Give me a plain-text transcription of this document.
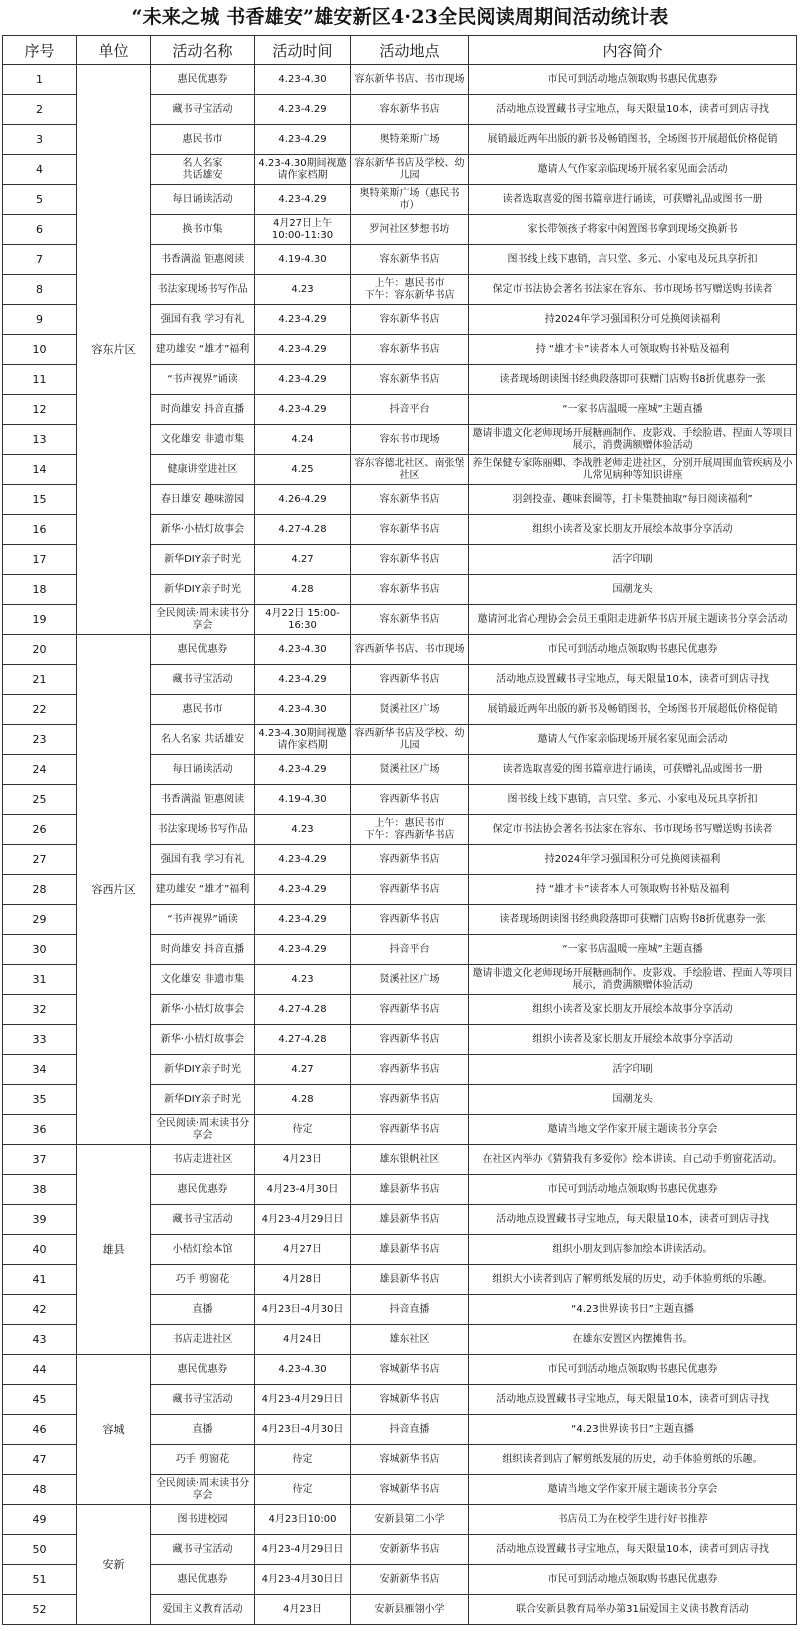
“未来之城 书香雄安”雄安新区4·23全民阅读周期间活动统计表
序号	单位	活动名称	活动时间	活动地点	内容简介
1	容东片区	惠民优惠券	4.23-4.30	容东新华书店、书市现场	市民可到活动地点领取购书惠民优惠券
2		藏书寻宝活动	4.23-4.29	容东新华书店	活动地点设置藏书寻宝地点，每天限量10本，读者可到店寻找
3		惠民书市	4.23-4.29	奥特莱斯广场	展销最近两年出版的新书及畅销图书，全场图书开展超低价格促销
4		名人名家
共话雄安	4.23-4.30期间视邀请作家档期	容东新华书店及学校、幼儿园	邀请人气作家亲临现场开展名家见面会活动
5		每日诵读活动	4.23-4.29	奥特莱斯广场（惠民书市）	读者选取喜爱的图书篇章进行诵读，可获赠礼品或图书一册
6		换书市集	4月27日上午10:00-11:30	罗河社区梦想书坊	家长带领孩子将家中闲置图书拿到现场交换新书
7		书香满溢 钜惠阅读	4.19-4.30	容东新华书店	图书线上线下惠销，言只堂、多元、小家电及玩具享折扣
8		书法家现场书写作品	4.23	上午：惠民书市
下午：容东新华书店	保定市书法协会著名书法家在容东、书市现场书写赠送购书读者
9		强国有我 学习有礼	4.23-4.29	容东新华书店	持2024年学习强国积分可兑换阅读福利
10		建功雄安 “雄才”福利	4.23-4.29	容东新华书店	持 “雄才卡”读者本人可领取购书补贴及福利
11		“书声视界”诵读	4.23-4.29	容东新华书店	读者现场朗读图书经典段落即可获赠门店购书8折优惠券一张
12		时尚雄安 抖音直播	4.23-4.29	抖音平台	“一家书店温暖一座城”主题直播
13		文化雄安 非遗市集	4.24	容东书市现场	邀请非遗文化老师现场开展糖画制作、皮影戏、手绘脸谱、捏面人等项目展示，消费满额赠体验活动
14		健康讲堂进社区	4.25	容东容德北社区、南张堡社区	养生保健专家陈丽卿、李战胜老师走进社区，分别开展周围血管疾病及小儿常见病种等知识讲座
15		春日雄安 趣味游园	4.26-4.29	容东新华书店	羽剑投壶、趣味套圈等，打卡集赞抽取“每日阅读福利”
16		新华·小桔灯故事会	4.27-4.28	容东新华书店	组织小读者及家长朋友开展绘本故事分享活动
17		新华DIY亲子时光	4.27	容东新华书店	活字印刷
18		新华DIY亲子时光	4.28	容东新华书店	国潮龙头
19		全民阅读·周末读书分享会	4月22日 15:00-16:30	容东新华书店	邀请河北省心理协会会员王重阳走进新华书店开展主题读书分享会活动
20	容西片区	惠民优惠券	4.23-4.30	容西新华书店、书市现场	市民可到活动地点领取购书惠民优惠券
21		藏书寻宝活动	4.23-4.29	容西新华书店	活动地点设置藏书寻宝地点，每天限量10本，读者可到店寻找
22		惠民书市	4.23-4.30	贤溪社区广场	展销最近两年出版的新书及畅销图书，全场图书开展超低价格促销
23		名人名家 共话雄安	4.23-4.30期间视邀请作家档期	容西新华书店及学校、幼儿园	邀请人气作家亲临现场开展名家见面会活动
24		每日诵读活动	4.23-4.29	贤溪社区广场	读者选取喜爱的图书篇章进行诵读，可获赠礼品或图书一册
25		书香满溢 钜惠阅读	4.19-4.30	容西新华书店	图书线上线下惠销，言只堂、多元、小家电及玩具享折扣
26		书法家现场书写作品	4.23	上午：惠民书市
下午：容西新华书店	保定市书法协会著名书法家在容东、书市现场书写赠送购书读者
27		强国有我 学习有礼	4.23-4.29	容西新华书店	持2024年学习强国积分可兑换阅读福利
28		建功雄安 “雄才”福利	4.23-4.29	容西新华书店	持 “雄才卡”读者本人可领取购书补贴及福利
29		“书声视界”诵读	4.23-4.29	容西新华书店	读者现场朗读图书经典段落即可获赠门店购书8折优惠券一张
30		时尚雄安 抖音直播	4.23-4.29	抖音平台	“一家书店温暖一座城”主题直播
31		文化雄安 非遗市集	4.23	贤溪社区广场	邀请非遗文化老师现场开展糖画制作、皮影戏、手绘脸谱、捏面人等项目展示，消费满额赠体验活动
32		新华·小桔灯故事会	4.27-4.28	容西新华书店	组织小读者及家长朋友开展绘本故事分享活动
33		新华·小桔灯故事会	4.27-4.28	容西新华书店	组织小读者及家长朋友开展绘本故事分享活动
34		新华DIY亲子时光	4.27	容西新华书店	活字印刷
35		新华DIY亲子时光	4.28	容西新华书店	国潮龙头
36		全民阅读·周末读书分享会	待定	容西新华书店	邀请当地文学作家开展主题读书分享会
37	雄县	书店走进社区	4月23日	雄东银帆社区	在社区内举办《猜猜我有多爱你》绘本讲读、自己动手剪窗花活动。
38		惠民优惠券	4月23-4月30日	雄县新华书店	市民可到活动地点领取购书惠民优惠券
39		藏书寻宝活动	4月23-4月29日日	雄县新华书店	活动地点设置藏书寻宝地点，每天限量10本，读者可到店寻找
40		小桔灯绘本馆	4月27日	雄县新华书店	组织小朋友到店参加绘本讲读活动。
41		巧手 剪窗花	4月28日	雄县新华书店	组织大小读者到店了解剪纸发展的历史，动手体验剪纸的乐趣。
42		直播	4月23日-4月30日	抖音直播	“4.23世界读书日”主题直播
43		书店走进社区	4月24日	雄东社区	在雄东安置区内摆摊售书。
44	容城	惠民优惠券	4.23-4.30	容城新华书店	市民可到活动地点领取购书惠民优惠券
45		藏书寻宝活动	4月23-4月29日日	容城新华书店	活动地点设置藏书寻宝地点，每天限量10本，读者可到店寻找
46		直播	4月23日-4月30日	抖音直播	“4.23世界读书日”主题直播
47		巧手 剪窗花	待定	容城新华书店	组织读者到店了解剪纸发展的历史，动手体验剪纸的乐趣。
48		全民阅读·周末读书分享会	待定	容城新华书店	邀请当地文学作家开展主题读书分享会
49	安新	图书进校园	4月23日10:00	安新县第二小学	书店员工为在校学生进行好书推荐
50		藏书寻宝活动	4月23-4月29日日	安新新华书店	活动地点设置藏书寻宝地点，每天限量10本，读者可到店寻找
51		惠民优惠券	4月23-4月30日日	安新新华书店	市民可到活动地点领取购书惠民优惠券
52		爱国主义教育活动	4月23日	安新县雁翎小学	联合安新县教育局举办第31届爱国主义读书教育活动
